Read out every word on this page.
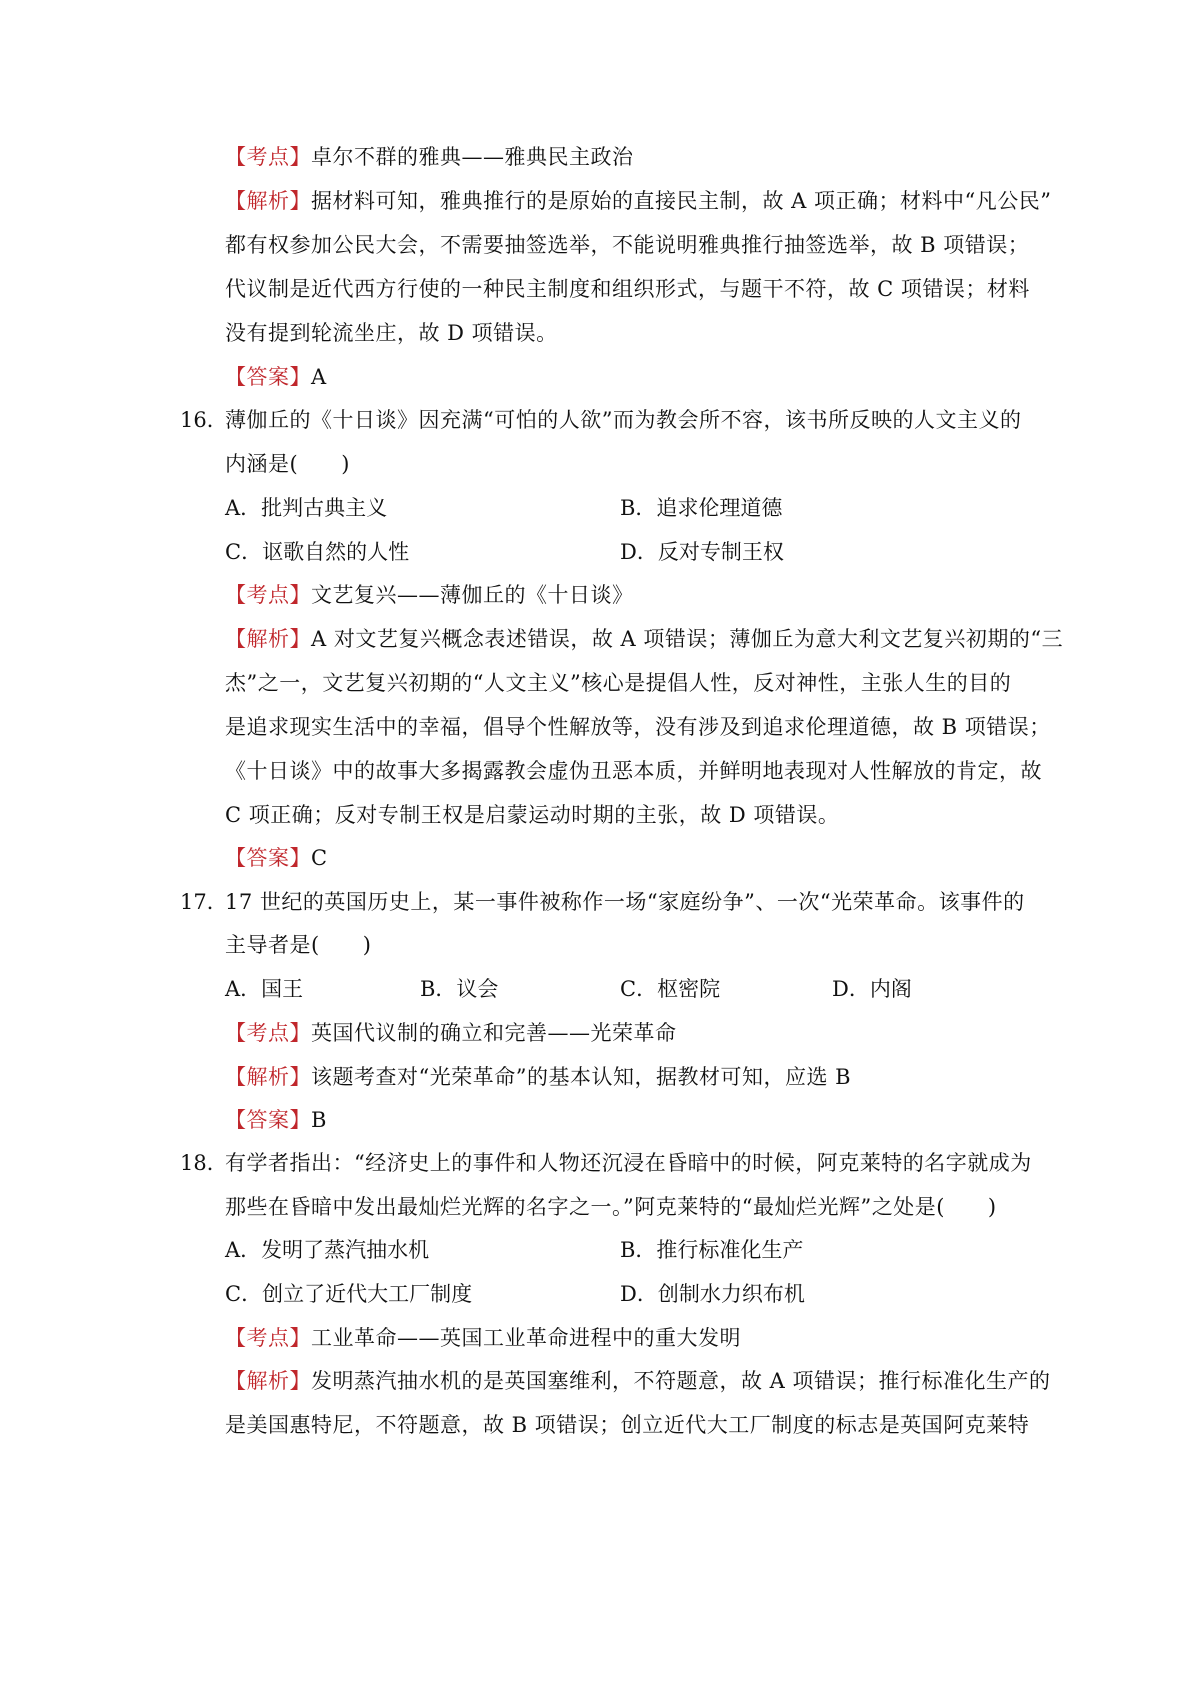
【考点】卓尔不群的雅典——雅典民主政治
【解析】据材料可知，雅典推行的是原始的直接民主制，故 A 项正确；材料中“凡公民”
都有权参加公民大会，不需要抽签选举，不能说明雅典推行抽签选举，故 B 项错误；
代议制是近代西方行使的一种民主制度和组织形式，与题干不符，故 C 项错误；材料
没有提到轮流坐庄，故 D 项错误。
【答案】A
16．
薄伽丘的《十日谈》因充满“可怕的人欲”而为教会所不容，该书所反映的人文主义的
内涵是(　　)
A．批判古典主义	B．追求伦理道德
C．讴歌自然的人性	D．反对专制王权
【考点】文艺复兴——薄伽丘的《十日谈》
【解析】A 对文艺复兴概念表述错误，故 A 项错误；薄伽丘为意大利文艺复兴初期的“三
杰”之一，文艺复兴初期的“人文主义”核心是提倡人性，反对神性，主张人生的目的
是追求现实生活中的幸福，倡导个性解放等，没有涉及到追求伦理道德，故 B 项错误；
《十日谈》中的故事大多揭露教会虚伪丑恶本质，并鲜明地表现对人性解放的肯定，故
C 项正确；反对专制王权是启蒙运动时期的主张，故 D 项错误。
【答案】C
17．
17 世纪的英国历史上，某一事件被称作一场“家庭纷争”、一次“光荣革命。该事件的
主导者是(　　)
A．国王	B．议会	C．枢密院	D．内阁
【考点】英国代议制的确立和完善——光荣革命
【解析】该题考查对“光荣革命”的基本认知，据教材可知，应选 B
【答案】B
18．
有学者指出：“经济史上的事件和人物还沉浸在昏暗中的时候，阿克莱特的名字就成为
那些在昏暗中发出最灿烂光辉的名字之一。”阿克莱特的“最灿烂光辉”之处是(　　)
A．发明了蒸汽抽水机	B．推行标准化生产
C．创立了近代大工厂制度	D．创制水力织布机
【考点】工业革命——英国工业革命进程中的重大发明
【解析】发明蒸汽抽水机的是英国塞维利，不符题意，故 A 项错误；推行标准化生产的
是美国惠特尼，不符题意，故 B 项错误；创立近代大工厂制度的标志是英国阿克莱特
